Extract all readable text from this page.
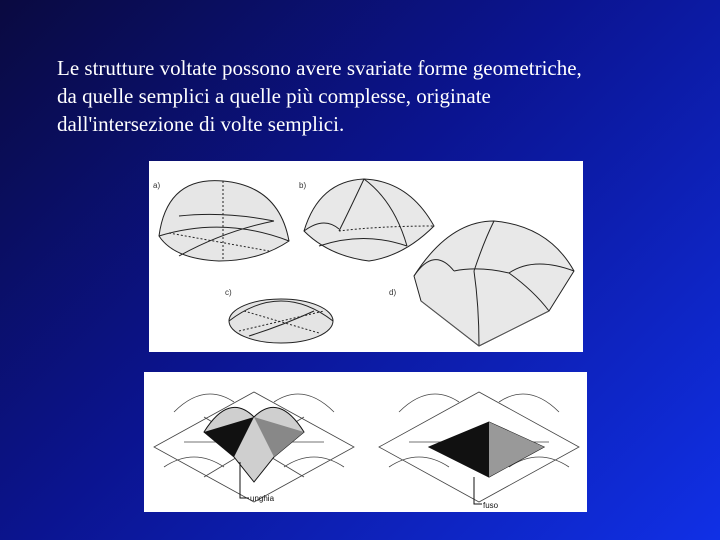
Le strutture voltate possono avere svariate forme geometriche,
da quelle semplici a quelle più complesse, originate
dall'intersezione di volte semplici.
a)	b)
c)	d)
unghia
fuso
